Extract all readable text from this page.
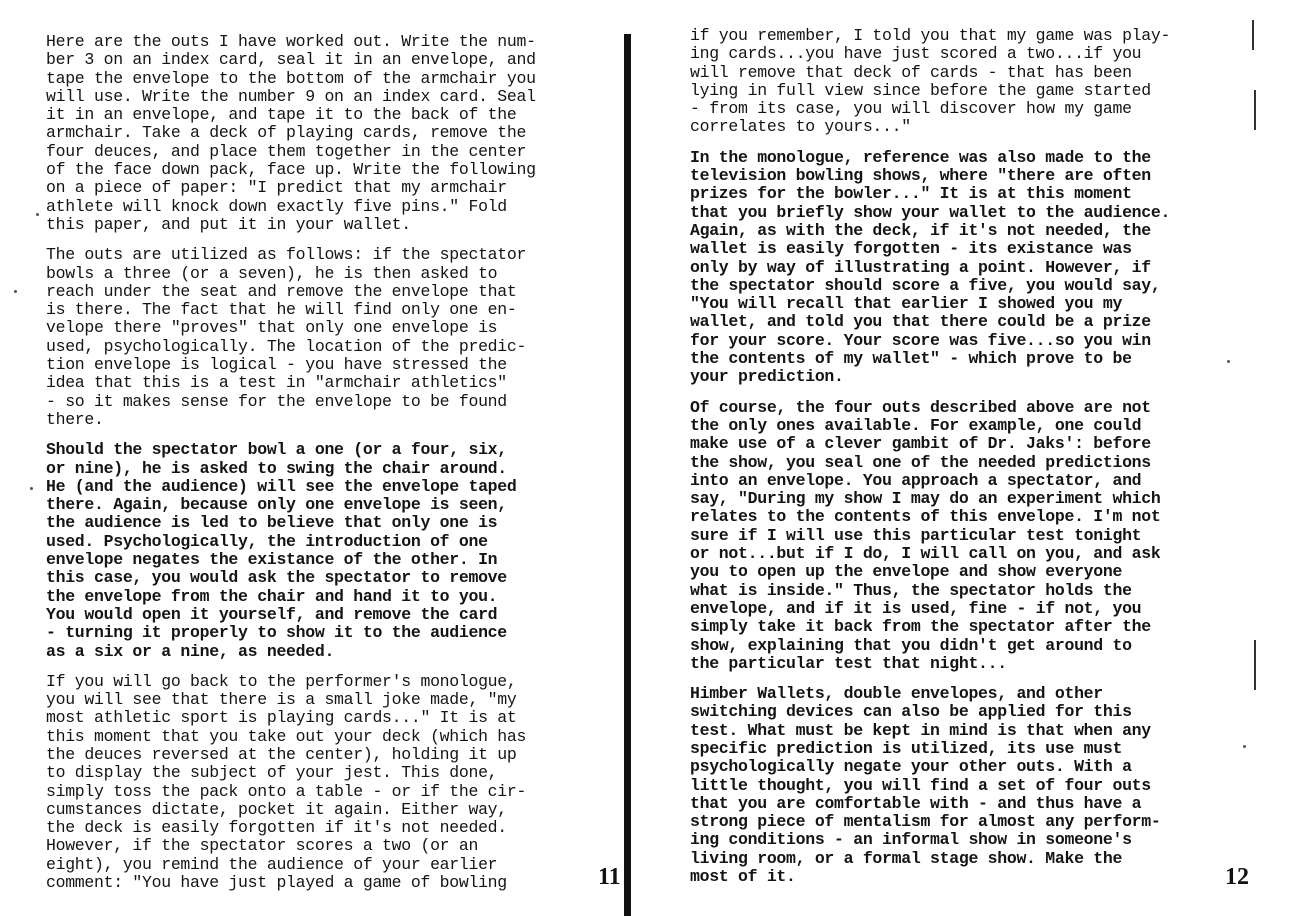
Here are the outs I have worked out. Write the num-
ber 3 on an index card, seal it in an envelope, and
tape the envelope to the bottom of the armchair you
will use. Write the number 9 on an index card. Seal
it in an envelope, and tape it to the back of the
armchair. Take a deck of playing cards, remove the
four deuces, and place them together in the center
of the face down pack, face up. Write the following
on a piece of paper: "I predict that my armchair
athlete will knock down exactly five pins." Fold
this paper, and put it in your wallet.

The outs are utilized as follows: if the spectator
bowls a three (or a seven), he is then asked to
reach under the seat and remove the envelope that
is there. The fact that he will find only one en-
velope there "proves" that only one envelope is
used, psychologically. The location of the predic-
tion envelope is logical - you have stressed the
idea that this is a test in "armchair athletics"
- so it makes sense for the envelope to be found
there.

Should the spectator bowl a one (or a four, six,
or nine), he is asked to swing the chair around.
He (and the audience) will see the envelope taped
there. Again, because only one envelope is seen,
the audience is led to believe that only one is
used. Psychologically, the introduction of one
envelope negates the existance of the other. In
this case, you would ask the spectator to remove
the envelope from the chair and hand it to you.
You would open it yourself, and remove the card
- turning it properly to show it to the audience
as a six or a nine, as needed.

If you will go back to the performer's monologue,
you will see that there is a small joke made, "my
most athletic sport is playing cards..." It is at
this moment that you take out your deck (which has
the deuces reversed at the center), holding it up
to display the subject of your jest. This done,
simply toss the pack onto a table - or if the cir-
cumstances dictate, pocket it again. Either way,
the deck is easily forgotten if it's not needed.
However, if the spectator scores a two (or an
eight), you remind the audience of your earlier
comment: "You have just played a game of bowling	11

if you remember, I told you that my game was play-
ing cards...you have just scored a two...if you
will remove that deck of cards - that has been
lying in full view since before the game started
- from its case, you will discover how my game
correlates to yours..."

In the monologue, reference was also made to the
television bowling shows, where "there are often
prizes for the bowler..." It is at this moment
that you briefly show your wallet to the audience.
Again, as with the deck, if it's not needed, the
wallet is easily forgotten - its existance was
only by way of illustrating a point. However, if
the spectator should score a five, you would say,
"You will recall that earlier I showed you my
wallet, and told you that there could be a prize
for your score. Your score was five...so you win
the contents of my wallet" - which prove to be
your prediction.

Of course, the four outs described above are not
the only ones available. For example, one could
make use of a clever gambit of Dr. Jaks': before
the show, you seal one of the needed predictions
into an envelope. You approach a spectator, and
say, "During my show I may do an experiment which
relates to the contents of this envelope. I'm not
sure if I will use this particular test tonight
or not...but if I do, I will call on you, and ask
you to open up the envelope and show everyone
what is inside." Thus, the spectator holds the
envelope, and if it is used, fine - if not, you
simply take it back from the spectator after the
show, explaining that you didn't get around to
the particular test that night...

Himber Wallets, double envelopes, and other
switching devices can also be applied for this
test. What must be kept in mind is that when any
specific prediction is utilized, its use must
psychologically negate your other outs. With a
little thought, you will find a set of four outs
that you are comfortable with - and thus have a
strong piece of mentalism for almost any perform-
ing conditions - an informal show in someone's
living room, or a formal stage show. Make the
most of it.	12
